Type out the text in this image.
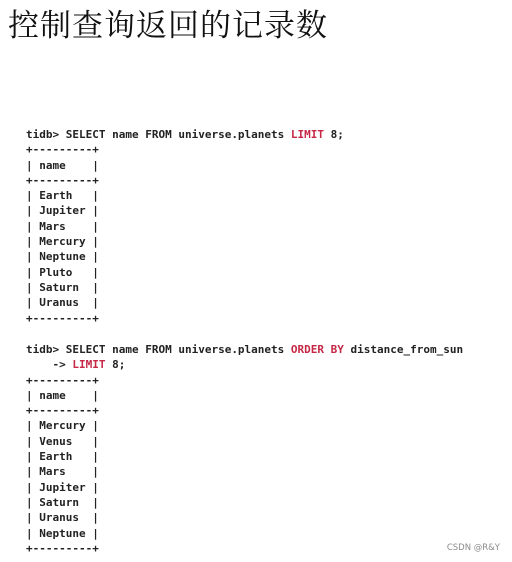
控制查询返回的记录数
tidb> SELECT name FROM universe.planets LIMIT 8;
+---------+
| name    |
+---------+
| Earth   |
| Jupiter |
| Mars    |
| Mercury |
| Neptune |
| Pluto   |
| Saturn  |
| Uranus  |
+---------+
tidb> SELECT name FROM universe.planets ORDER BY distance_from_sun
-> LIMIT 8;
+---------+
| name    |
+---------+
| Mercury |
| Venus   |
| Earth   |
| Mars    |
| Jupiter |
| Saturn  |
| Uranus  |
| Neptune |
+---------+	CSDN @R&Y
